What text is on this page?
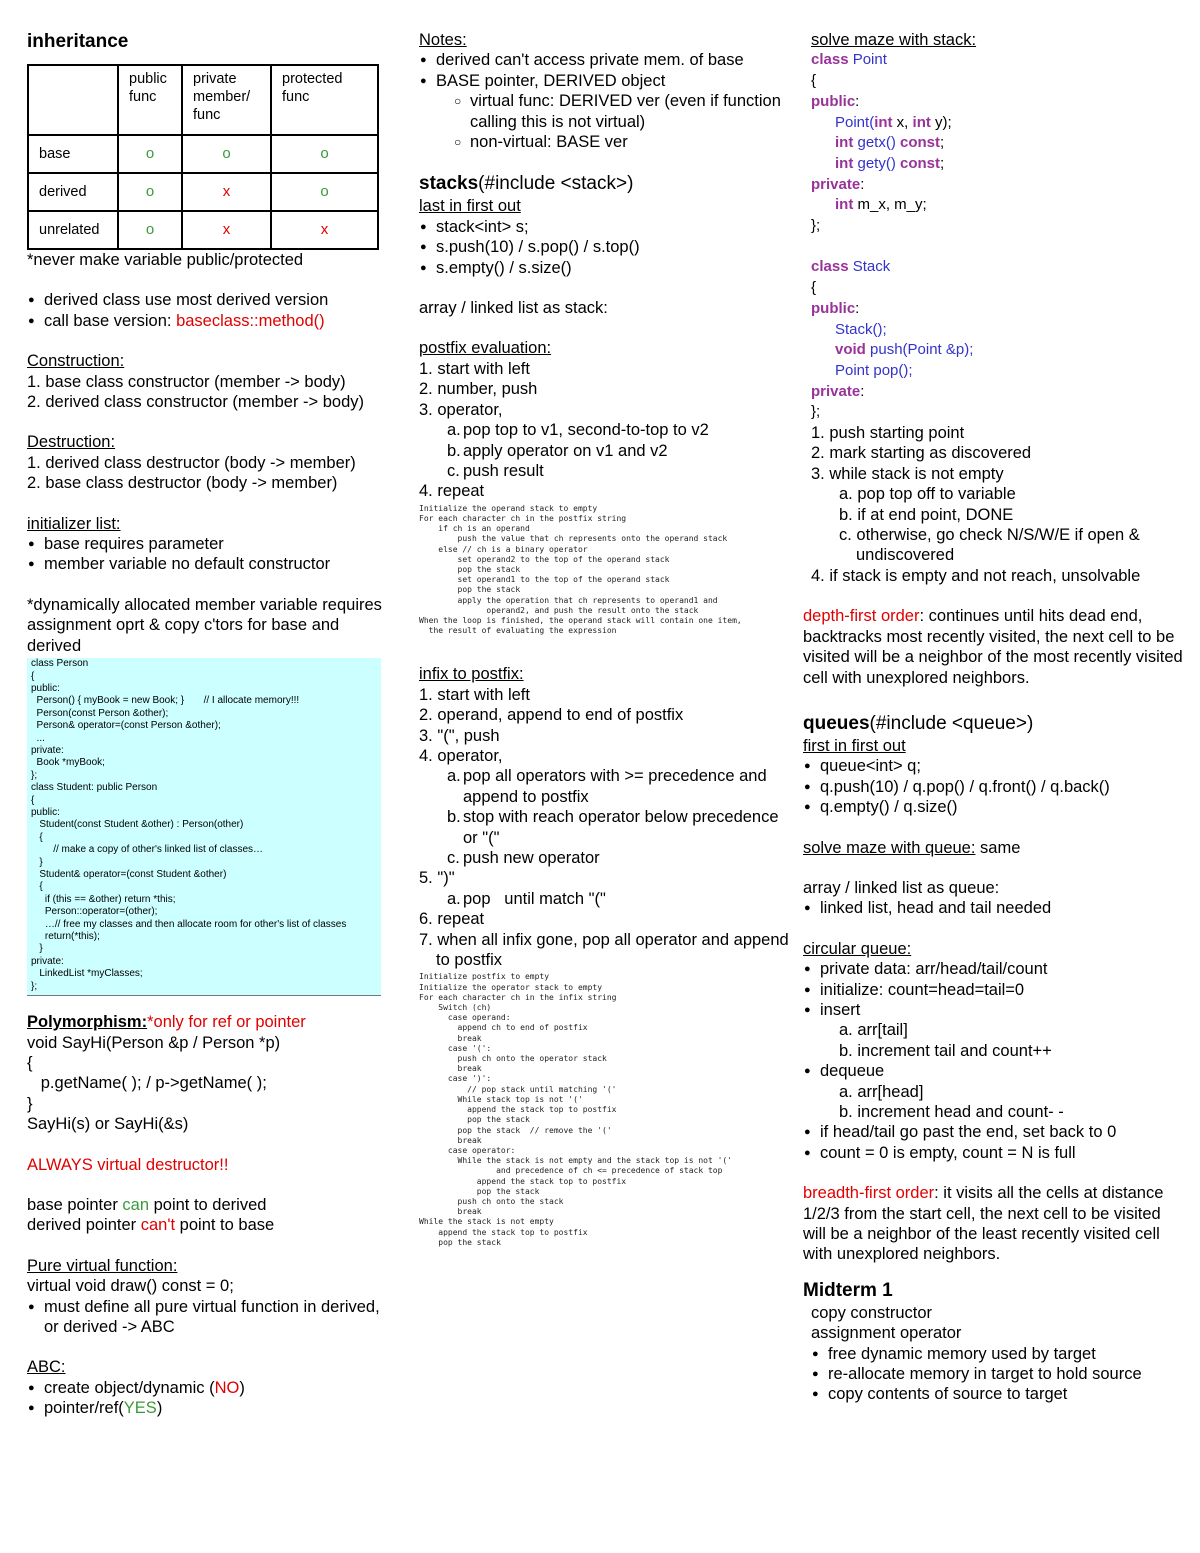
inheritance
	public func	private member/ func	protected func
base	o	o	o
derived	o	x	o
unrelated	o	x	x
*never make variable public/protected
● derived class use most derived version
● call base version: baseclass::method()
Construction:
1. base class constructor (member -> body)
2. derived class constructor (member -> body)
Destruction:
1. derived class destructor (body -> member)
2. base class destructor (body -> member)
initializer list:
● base requires parameter
● member variable no default constructor
*dynamically allocated member variable requires assignment oprt & copy c'tors for base and derived
class Person
{
public:
Person() { myBook = new Book; }       // I allocate memory!!!
Person(const Person &other);
Person& operator=(const Person &other);
...
private:
Book *myBook;
};
class Student: public Person
{
public:
Student(const Student &other) : Person(other)
{
// make a copy of other's linked list of classes…
}
Student& operator=(const Student &other)
{
if (this == &other) return *this;
Person::operator=(other);
…// free my classes and then allocate room for other's list of classes
return(*this);
}
private:
LinkedList *myClasses;
};
Polymorphism:*only for ref or pointer
void SayHi(Person &p / Person *p)
{
p.getName( ); / p->getName( );
}
SayHi(s) or SayHi(&s)
ALWAYS virtual destructor!!
base pointer can point to derived
derived pointer can't point to base
Pure virtual function:
virtual void draw() const = 0;
● must define all pure virtual function in derived, or derived -> ABC
ABC:
● create object/dynamic (NO)
● pointer/ref(YES)
Notes:
● derived can't access private mem. of base
● BASE pointer, DERIVED object
○ virtual func: DERIVED ver (even if function calling this is not virtual)
○ non-virtual: BASE ver
stacks(#include <stack>)
last in first out
● stack<int> s;
● s.push(10) / s.pop() / s.top()
● s.empty() / s.size()
array / linked list as stack:
postfix evaluation:
1. start with left
2. number, push
3. operator,
a. pop top to v1, second-to-top to v2
b. apply operator on v1 and v2
c. push result
4. repeat
Initialize the operand stack to empty
For each character ch in the postfix string
if ch is an operand
push the value that ch represents onto the operand stack
else // ch is a binary operator
set operand2 to the top of the operand stack
pop the stack
set operand1 to the top of the operand stack
pop the stack
apply the operation that ch represents to operand1 and
operand2, and push the result onto the stack
When the loop is finished, the operand stack will contain one item,
the result of evaluating the expression
infix to postfix:
1. start with left
2. operand, append to end of postfix
3. "(", push
4. operator,
a. pop all operators with >= precedence and append to postfix
b. stop with reach operator below precedence or "("
c. push new operator
5. ")"
a. pop   until match "("
6. repeat
7. when all infix gone, pop all operator and append to postfix
Initialize postfix to empty
Initialize the operator stack to empty
For each character ch in the infix string
Switch (ch)
case operand:
append ch to end of postfix
break
case '(':
push ch onto the operator stack
break
case ')':
// pop stack until matching '('
While stack top is not '('
append the stack top to postfix
pop the stack
pop the stack  // remove the '('
break
case operator:
While the stack is not empty and the stack top is not '('
and precedence of ch <= precedence of stack top
append the stack top to postfix
pop the stack
push ch onto the stack
break
While the stack is not empty
append the stack top to postfix
pop the stack
solve maze with stack:
class Point
{
public:
Point(int x, int y);
int getx() const;
int gety() const;
private:
int m_x, m_y;
};
class Stack
{
public:
Stack();
void push(Point &p);
Point pop();
private:
};
1. push starting point
2. mark starting as discovered
3. while stack is not empty
a. pop top off to variable
b. if at end point, DONE
c. otherwise, go check N/S/W/E if open & undiscovered
4. if stack is empty and not reach, unsolvable
depth-first order: continues until hits dead end, backtracks most recently visited, the next cell to be visited will be a neighbor of the most recently visited cell with unexplored neighbors.
queues(#include <queue>)
first in first out
● queue<int> q;
● q.push(10) / q.pop() / q.front() / q.back()
● q.empty() / q.size()
solve maze with queue: same
array / linked list as queue:
● linked list, head and tail needed
circular queue:
● private data: arr/head/tail/count
● initialize: count=head=tail=0
● insert
a. arr[tail]
b. increment tail and count++
● dequeue
a. arr[head]
b. increment head and count- -
● if head/tail go past the end, set back to 0
● count = 0 is empty, count = N is full
breadth-first order: it visits all the cells at distance 1/2/3 from the start cell, the next cell to be visited will be a neighbor of the least recently visited cell with unexplored neighbors.
Midterm 1
copy constructor
assignment operator
● free dynamic memory used by target
● re-allocate memory in target to hold source
● copy contents of source to target
